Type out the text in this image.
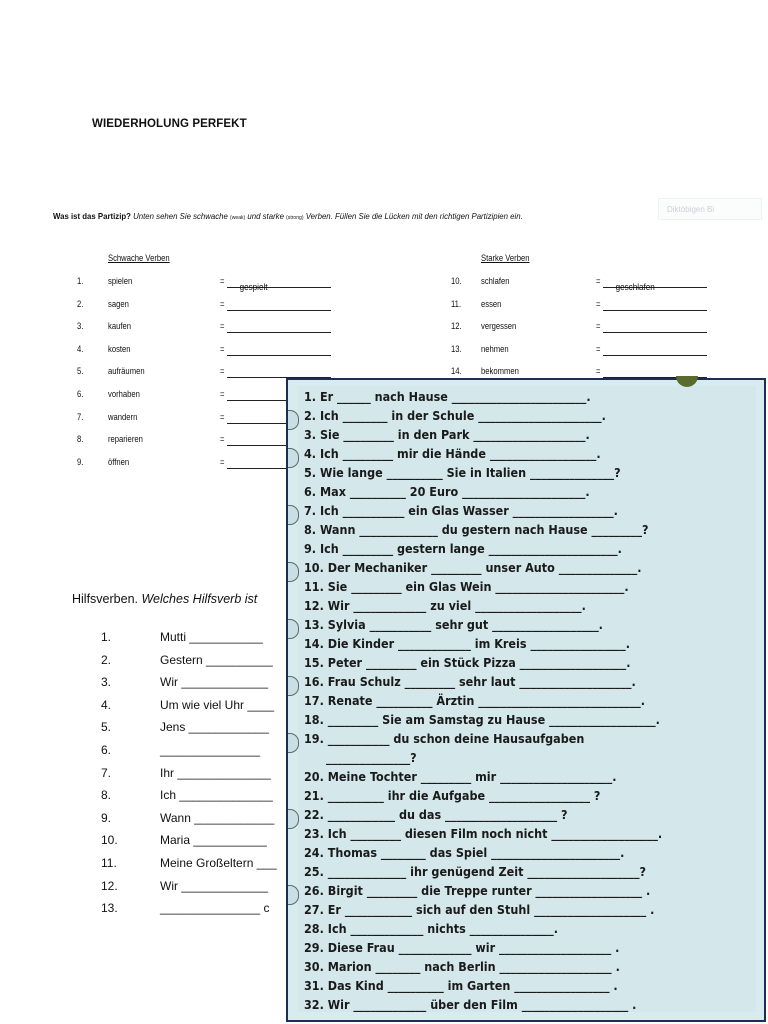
WIEDERHOLUNG PERFEKT
Was ist das Partizip? Unten sehen Sie schwache (weak) und starke (strong) Verben. Füllen Sie die Lücken mit den richtigen Partizipien ein.
Diktöbigen Bi
Schwache Verben	Starke Verben
1.	spielen	=
gespielt
2.	sagen	=
3.	kaufen	=
4.	kosten	=
5.	aufräumen	=
6.	vorhaben	=
7.	wandern	=
8.	reparieren	=
9.	öffnen	=
10. schlafen	=
geschlafen
11. essen	=
12. vergessen	=
13. nehmen	=
14. bekommen	=
Hilfsverben. Welches Hilfsverb ist
1.	Mutti ___________
2.	Gestern __________
3.	Wir _____________
4.	Um wie viel Uhr ____
5.	Jens ____________
6.	_______________
7.	Ihr ______________
8.	Ich ______________
9.	Wann ____________
10.	Maria ___________
11.	Meine Großeltern ___
12.	Wir _____________
13.	_______________ c
1. Er ______ nach Hause ________________________.
2. Ich ________ in der Schule ______________________.
3. Sie _________ in den Park ____________________.
4. Ich _________ mir die Hände ___________________.
5. Wie lange __________ Sie in Italien _______________?
6. Max __________ 20 Euro ______________________.
7. Ich ___________ ein Glas Wasser __________________.
8. Wann ______________ du gestern nach Hause _________?
9. Ich _________ gestern lange _______________________.
10. Der Mechaniker _________ unser Auto ______________.
11. Sie _________ ein Glas Wein _______________________.
12. Wir _____________ zu viel ___________________.
13. Sylvia ___________ sehr gut ___________________.
14. Die Kinder _____________ im Kreis _________________.
15. Peter _________ ein Stück Pizza ___________________.
16. Frau Schulz _________ sehr laut ____________________.
17. Renate __________ Ärztin _____________________________.
18. _________ Sie am Samstag zu Hause ___________________.
19. ___________ du schon deine Hausaufgaben
_______________?
20. Meine Tochter _________ mir ____________________.
21. __________ ihr die Aufgabe __________________ ?
22. ____________ du das ____________________ ?
23. Ich _________ diesen Film noch nicht ___________________.
24. Thomas ________ das Spiel _______________________.
25. ______________ ihr genügend Zeit ____________________?
26. Birgit _________ die Treppe runter ___________________ .
27. Er ____________ sich auf den Stuhl ____________________ .
28. Ich _____________ nichts _______________.
29. Diese Frau _____________ wir ____________________ .
30. Marion ________ nach Berlin ____________________ .
31. Das Kind __________ im Garten _________________ .
32. Wir _____________ über den Film ___________________ .
